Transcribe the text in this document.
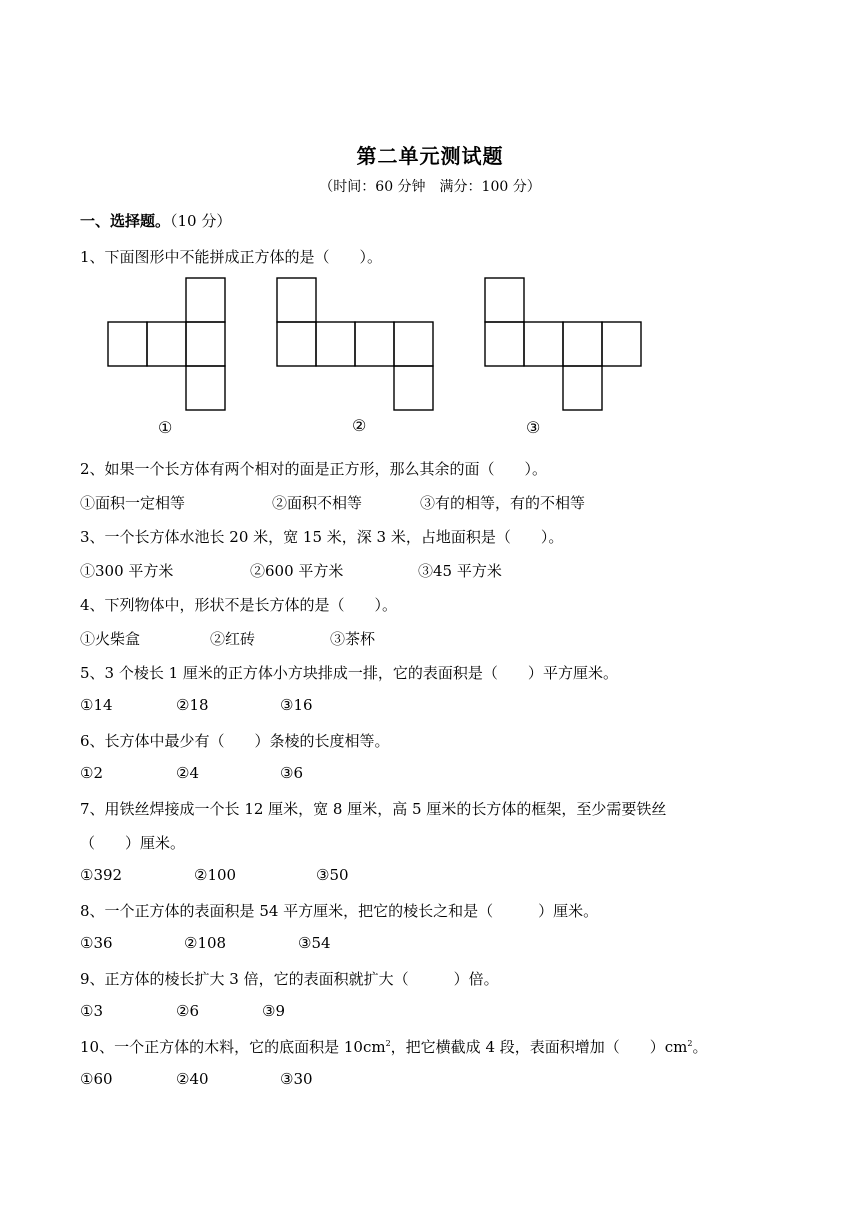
第二单元测试题
（时间：60 分钟　满分：100 分）
一、选择题。（10 分）
1、下面图形中不能拼成正方体的是（　　）。
①	②	③
2、如果一个长方体有两个相对的面是正方形，那么其余的面（　　）。
①面积一定相等	②面积不相等	③有的相等，有的不相等
3、一个长方体水池长 20 米，宽 15 米，深 3 米，占地面积是（　　）。
①300 平方米	②600 平方米	③45 平方米
4、下列物体中，形状不是长方体的是（　　）。
①火柴盒	②红砖	③茶杯
5、3 个棱长 1 厘米的正方体小方块排成一排，它的表面积是（　　）平方厘米。
①14	②18	③16
6、长方体中最少有（　　）条棱的长度相等。
①2	②4	③6
7、用铁丝焊接成一个长 12 厘米，宽 8 厘米，高 5 厘米的长方体的框架，至少需要铁丝
（　　）厘米。
①392	②100	③50
8、一个正方体的表面积是 54 平方厘米，把它的棱长之和是（　　　）厘米。
①36	②108	③54
9、正方体的棱长扩大 3 倍，它的表面积就扩大（　　　）倍。
①3	②6	③9
10、一个正方体的木料，它的底面积是 $10cm^2$，把它横截成 4 段，表面积增加（　　）$cm^2$。
①60	②40	③30
